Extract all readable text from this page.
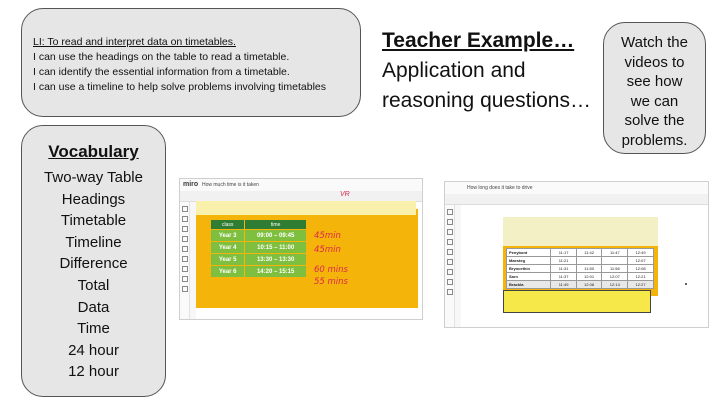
LI: To read and interpret data on timetables.
I can use the headings on the table to read a timetable.
I can identify the essential information from a timetable.
I can use a timeline to help solve problems involving timetables
Vocabulary
Two-way Table
Headings
Timetable
Timeline
Difference
Total
Data
Time
24 hour
12 hour
Teacher Example…
Application and
reasoning questions…
Watch the
videos to
see how
we can
solve the
problems.
miro How much time is it taken
VR
class	time
Year 3	09:00 – 09:45
Year 4	10:15 – 11:00
Year 5	13:30 – 13:30
Year 6	14:20 – 15:15
45min
45min
60 mins
55 mins
How long does it take to drive
Penybont	11:17	11:42	11:47	12:49
Maesteg	11:21			12:07
Bryncethin	11:31	11:50	11:56	12:08
Sarn	11:37	12:01	12:07	12:21
Brackla	11:49	12:08	12:14	12:27
